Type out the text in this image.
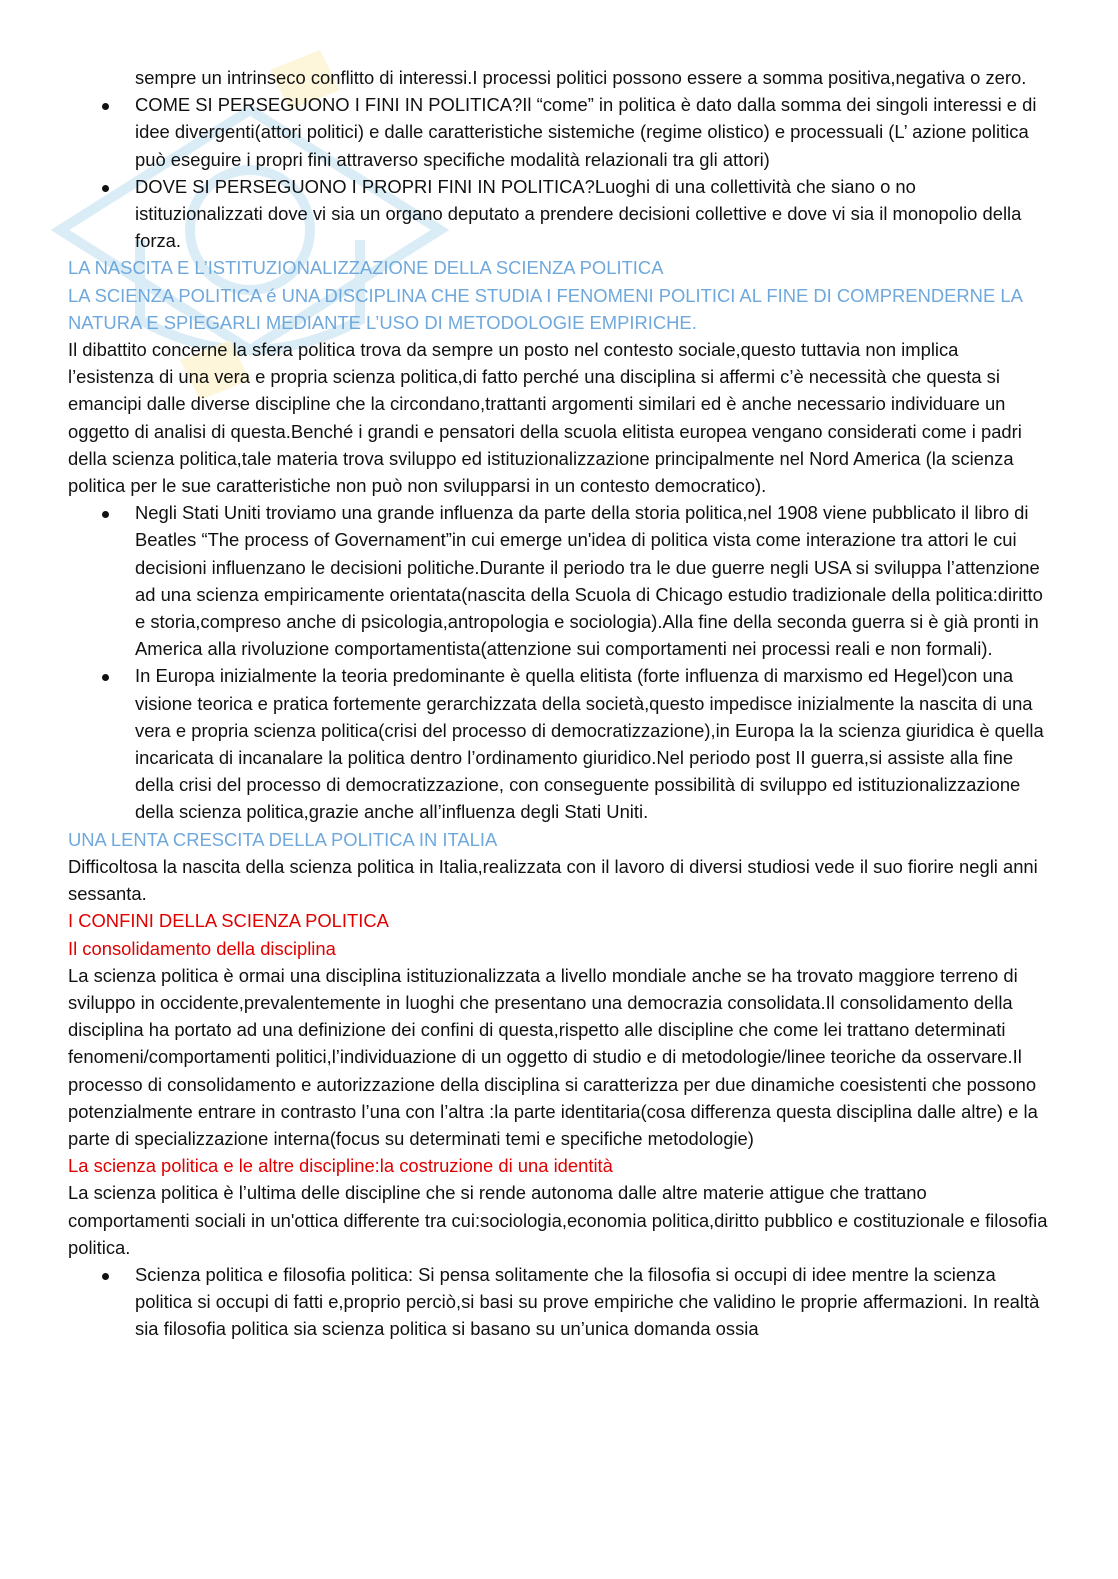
sempre un intrinseco conflitto di interessi.I processi politici possono essere a somma positiva,negativa o zero.

COME SI PERSEGUONO I FINI IN POLITICA?Il “come” in politica è dato dalla somma dei singoli interessi e di idee divergenti(attori politici) e dalle caratteristiche sistemiche (regime olistico) e processuali (L’ azione politica può eseguire i propri fini attraverso specifiche modalità relazionali tra gli attori)
DOVE SI PERSEGUONO I PROPRI FINI IN POLITICA?Luoghi di una collettività che siano o no istituzionalizzati dove vi sia un organo deputato a prendere decisioni collettive e dove vi sia il monopolio della forza.

LA NASCITA E L’ISTITUZIONALIZZAZIONE DELLA SCIENZA POLITICA

LA SCIENZA POLITICA é UNA DISCIPLINA CHE STUDIA I FENOMENI POLITICI AL FINE DI COMPRENDERNE LA NATURA E SPIEGARLI MEDIANTE L’USO DI METODOLOGIE EMPIRICHE.

Il dibattito concerne la sfera politica trova da sempre un posto nel contesto sociale,questo tuttavia non implica l’esistenza di una vera e propria scienza politica,di fatto perché una disciplina si affermi c’è necessità che questa si emancipi dalle diverse discipline che la circondano,trattanti argomenti similari ed è anche necessario individuare un oggetto di analisi di questa.Benché i grandi e pensatori della scuola elitista europea vengano considerati come i padri della scienza politica,tale materia trova sviluppo ed istituzionalizzazione principalmente nel Nord America (la scienza politica per le sue caratteristiche non può non svilupparsi in un contesto democratico).

Negli Stati Uniti troviamo una grande influenza da parte della storia politica,nel 1908 viene pubblicato il libro di Beatles “The process of Governament”in cui emerge un'idea di politica vista come interazione tra attori le cui decisioni influenzano le decisioni politiche.Durante il periodo tra le due guerre negli USA si sviluppa l’attenzione ad una scienza empiricamente orientata(nascita della Scuola di Chicago estudio tradizionale della politica:diritto e storia,compreso anche di psicologia,antropologia e sociologia).Alla fine della seconda guerra si è già pronti in America alla rivoluzione comportamentista(attenzione sui comportamenti nei processi reali e non formali).
In Europa inizialmente la teoria predominante è quella elitista (forte influenza di marxismo ed Hegel)con una visione teorica e pratica fortemente gerarchizzata della società,questo impedisce inizialmente la nascita di una vera e propria scienza politica(crisi del processo di democratizzazione),in Europa la la scienza giuridica è quella incaricata di incanalare la politica dentro l’ordinamento giuridico.Nel periodo post II guerra,si assiste alla fine della crisi del processo di democratizzazione, con conseguente possibilità di sviluppo ed istituzionalizzazione della scienza politica,grazie anche all’influenza degli Stati Uniti.

UNA LENTA CRESCITA DELLA POLITICA IN ITALIA

Difficoltosa la nascita della scienza politica in Italia,realizzata con il lavoro di diversi studiosi vede il suo fiorire negli anni sessanta.

I CONFINI DELLA SCIENZA POLITICA

Il consolidamento della disciplina

La scienza politica è ormai una disciplina istituzionalizzata a livello mondiale anche se ha trovato maggiore terreno di sviluppo in occidente,prevalentemente in luoghi che presentano una democrazia consolidata.Il consolidamento della disciplina ha portato ad una definizione dei confini di questa,rispetto alle discipline che come lei trattano determinati fenomeni/comportamenti politici,l’individuazione di un oggetto di studio e di metodologie/linee teoriche da osservare.Il processo di consolidamento e autorizzazione della disciplina si caratterizza per due dinamiche coesistenti che possono potenzialmente entrare in contrasto l’una con l’altra :la parte identitaria(cosa differenza questa disciplina dalle altre) e la parte di specializzazione interna(focus su determinati temi e specifiche metodologie)

La scienza politica e le altre discipline:la costruzione di una identità

La scienza politica è l’ultima delle discipline che si rende autonoma dalle altre materie attigue che trattano comportamenti sociali in un'ottica differente tra cui:sociologia,economia politica,diritto pubblico e costituzionale e filosofia politica.

Scienza politica e filosofia politica: Si pensa solitamente che la filosofia si occupi di idee mentre la scienza politica si occupi di fatti e,proprio perciò,si basi su prove empiriche che validino le proprie affermazioni. In realtà sia filosofia politica sia scienza politica si basano su un’unica domanda ossia
